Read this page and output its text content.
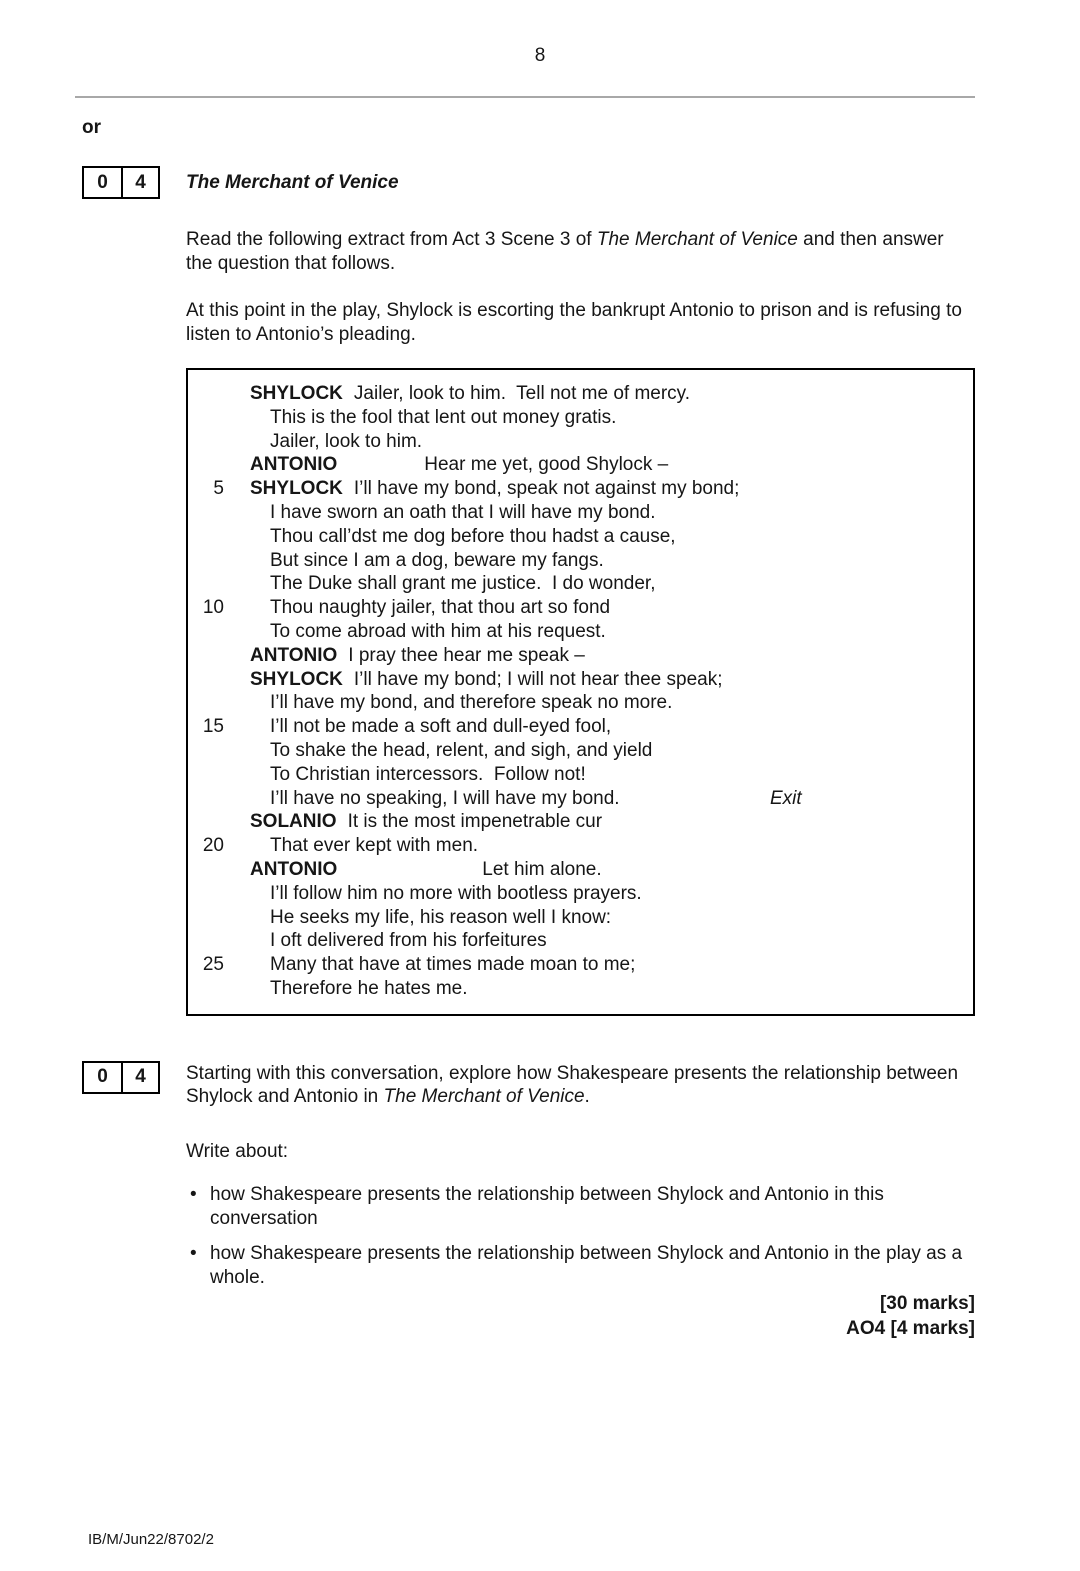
8
or
0	4	The Merchant of Venice

Read the following extract from Act 3 Scene 3 of The Merchant of Venice and then answer the question that follows.

At this point in the play, Shylock is escorting the bankrupt Antonio to prison and is refusing to listen to Antonio’s pleading.

SHYLOCK Jailer, look to him.  Tell not me of mercy.
This is the fool that lent out money gratis.
Jailer, look to him.
ANTONIO	Hear me yet, good Shylock –
5 SHYLOCK I’ll have my bond, speak not against my bond;
I have sworn an oath that I will have my bond.
Thou call’dst me dog before thou hadst a cause,
But since I am a dog, beware my fangs.
The Duke shall grant me justice.  I do wonder,
10 Thou naughty jailer, that thou art so fond
To come abroad with him at his request.
ANTONIO I pray thee hear me speak –
SHYLOCK I’ll have my bond; I will not hear thee speak;
I’ll have my bond, and therefore speak no more.
15 I’ll not be made a soft and dull-eyed fool,
To shake the head, relent, and sigh, and yield
To Christian intercessors.  Follow not!
I’ll have no speaking, I will have my bond.	Exit
SOLANIO It is the most impenetrable cur
20 That ever kept with men.
ANTONIO	Let him alone.
I’ll follow him no more with bootless prayers.
He seeks my life, his reason well I know:
I oft delivered from his forfeitures
25 Many that have at times made moan to me;
Therefore he hates me.
0	4	Starting with this conversation, explore how Shakespeare presents the relationship between Shylock and Antonio in The Merchant of Venice.
Write about:
• how Shakespeare presents the relationship between Shylock and Antonio in this conversation
• how Shakespeare presents the relationship between Shylock and Antonio in the play as a whole.
[30 marks]
AO4 [4 marks]
IB/M/Jun22/8702/2
